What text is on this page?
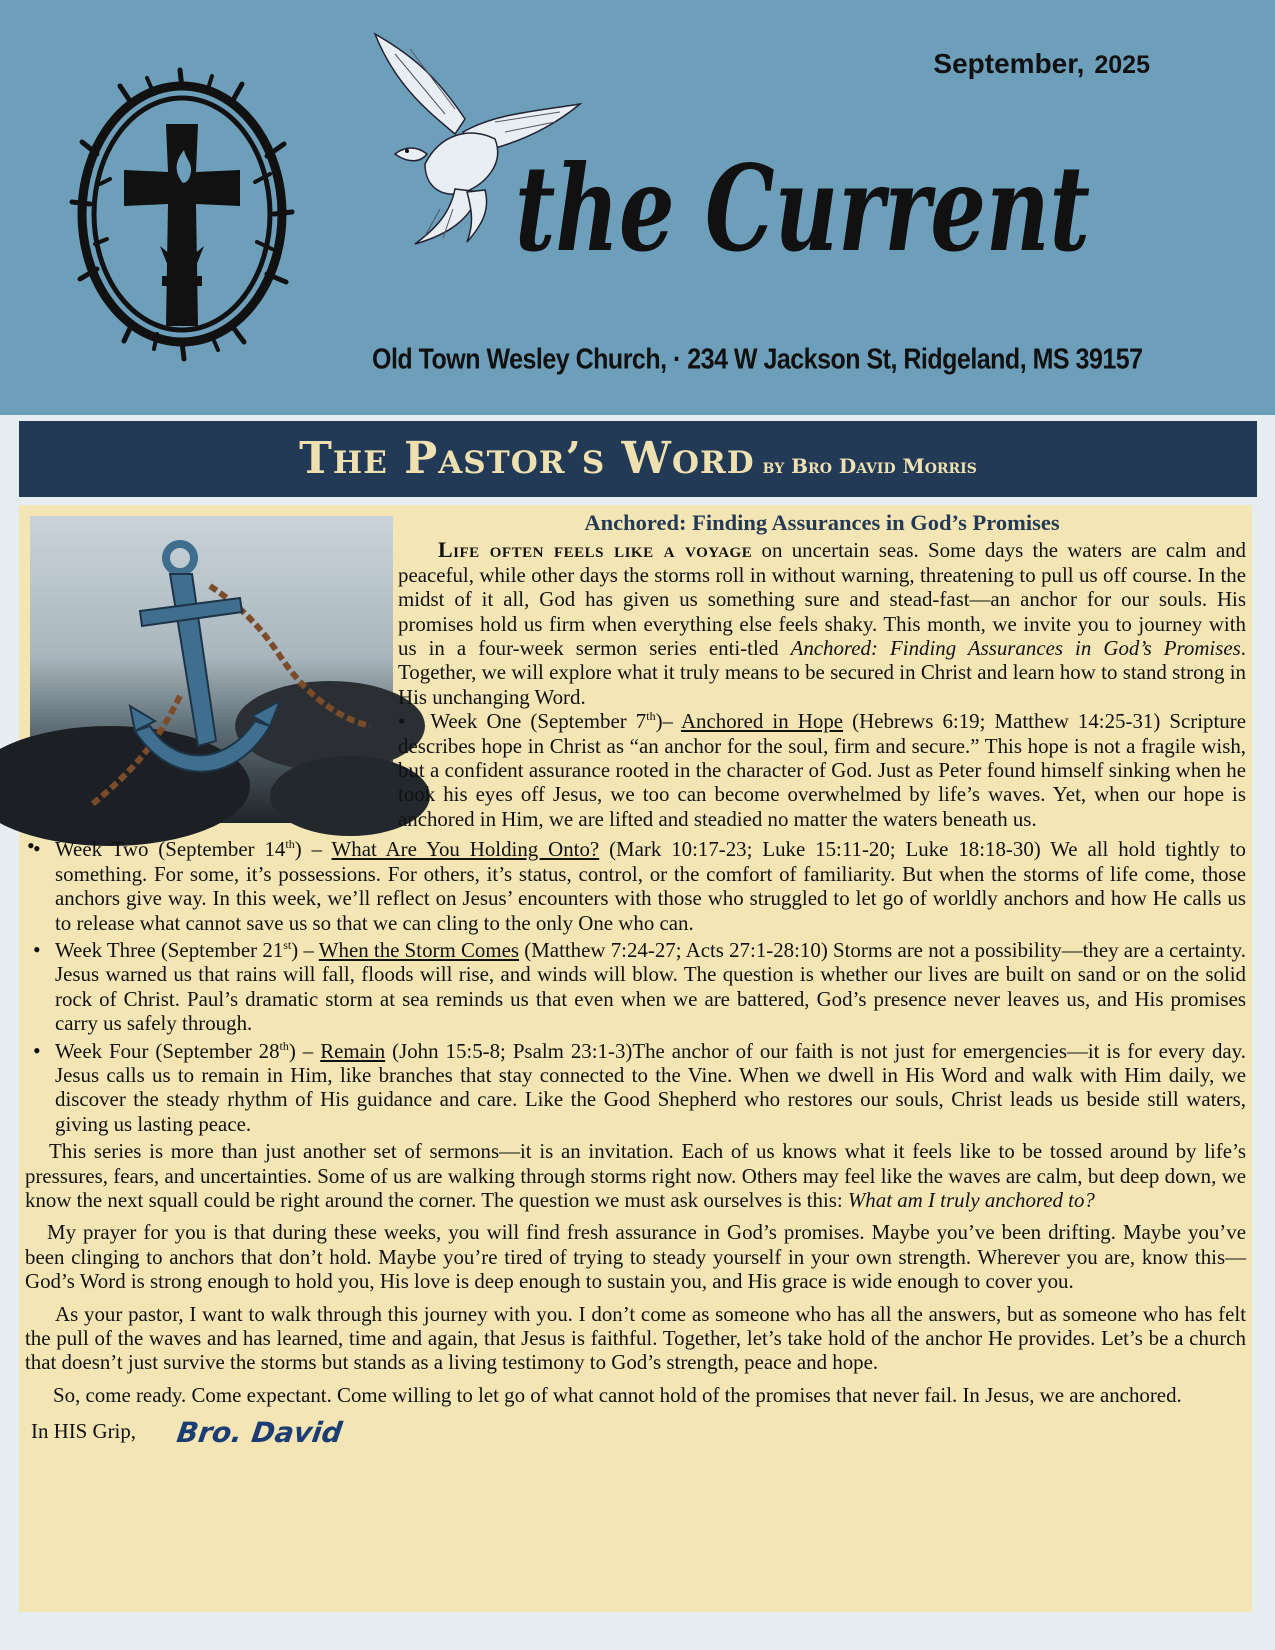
the Current
September, 2025
Old Town Wesley Church, · 234 W Jackson St, Ridgeland, MS 39157
The Pastor’s Word by Bro David Morris
Anchored: Finding Assurances in God’s Promises

Life often feels like a voyage on uncertain seas. Some days the waters are calm and peaceful, while other days the storms roll in without warning, threatening to pull us off course. In the midst of it all, God has given us something sure and stead-fast—an anchor for our souls. His promises hold us firm when everything else feels shaky. This month, we invite you to journey with us in a four-week sermon series enti-tled Anchored: Finding Assurances in God’s Promises. Together, we will explore what it truly means to be secured in Christ and learn how to stand strong in His unchanging Word.

• Week One (September 7th)– Anchored in Hope (Hebrews 6:19; Matthew 14:25-31) Scripture describes hope in Christ as “an anchor for the soul, firm and secure.” This hope is not a fragile wish, but a confident assurance rooted in the character of God. Just as Peter found himself sinking when he took his eyes off Jesus, we too can become overwhelmed by life’s waves. Yet, when our hope is anchored in Him, we are lifted and steadied no matter the waters beneath us.
• Week Two (September 14th) – What Are You Holding Onto? (Mark 10:17-23; Luke 15:11-20; Luke 18:18-30) We all hold tightly to something. For some, it’s possessions. For others, it’s status, control, or the comfort of familiarity. But when the storms of life come, those anchors give way. In this week, we’ll reflect on Jesus’ encounters with those who struggled to let go of worldly anchors and how He calls us to release what cannot save us so that we can cling to the only One who can.
• Week Three (September 21st) – When the Storm Comes (Matthew 7:24-27; Acts 27:1-28:10) Storms are not a possibility—they are a certainty. Jesus warned us that rains will fall, floods will rise, and winds will blow. The question is whether our lives are built on sand or on the solid rock of Christ. Paul’s dramatic storm at sea reminds us that even when we are battered, God’s presence never leaves us, and His promises carry us safely through.
• Week Four (September 28th) – Remain (John 15:5-8; Psalm 23:1-3)The anchor of our faith is not just for emergencies—it is for every day. Jesus calls us to remain in Him, like branches that stay connected to the Vine. When we dwell in His Word and walk with Him daily, we discover the steady rhythm of His guidance and care. Like the Good Shepherd who restores our souls, Christ leads us beside still waters, giving us lasting peace.

This series is more than just another set of sermons—it is an invitation. Each of us knows what it feels like to be tossed around by life’s pressures, fears, and uncertainties. Some of us are walking through storms right now. Others may feel like the waves are calm, but deep down, we know the next squall could be right around the corner. The question we must ask ourselves is this: What am I truly anchored to?

My prayer for you is that during these weeks, you will find fresh assurance in God’s promises. Maybe you’ve been drifting. Maybe you’ve been clinging to anchors that don’t hold. Maybe you’re tired of trying to steady yourself in your own strength. Wherever you are, know this—God’s Word is strong enough to hold you, His love is deep enough to sustain you, and His grace is wide enough to cover you.

As your pastor, I want to walk through this journey with you. I don’t come as someone who has all the answers, but as someone who has felt the pull of the waves and has learned, time and again, that Jesus is faithful. Together, let’s take hold of the anchor He provides. Let’s be a church that doesn’t just survive the storms but stands as a living testimony to God’s strength, peace and hope.

So, come ready. Come expectant. Come willing to let go of what cannot hold of the promises that never fail. In Jesus, we are anchored.

In HIS Grip, Bro. David
